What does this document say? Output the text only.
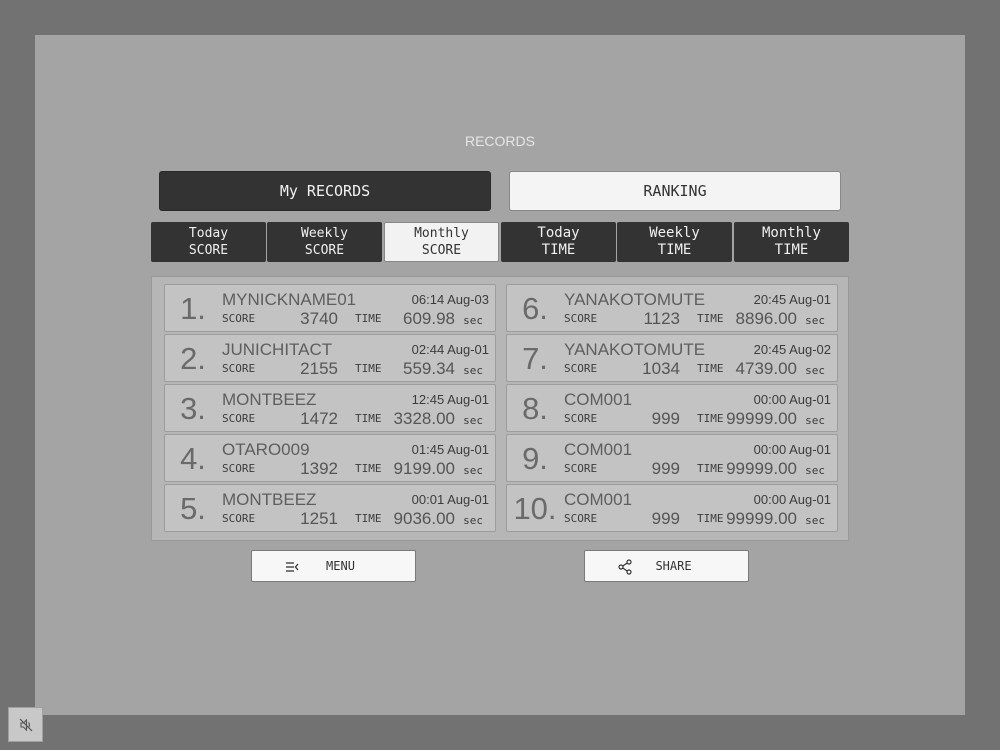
RECORDS
My RECORDS	RANKING
Today
SCORE
Weekly
SCORE
Monthly
SCORE
Today
TIME
Weekly
TIME
Monthly
TIME
1. MYNICKNAME01	06:14 Aug-03
SCORE	3740 TIME 609.98 sec
2. JUNICHITACT	02:44 Aug-01
SCORE	2155 TIME 559.34 sec
3. MONTBEEZ	12:45 Aug-01
SCORE	1472 TIME 3328.00 sec
4. OTARO009	01:45 Aug-01
SCORE	1392 TIME 9199.00 sec
5. MONTBEEZ	00:01 Aug-01
SCORE	1251 TIME 9036.00 sec
6. YANAKOTOMUTE	20:45 Aug-01
SCORE	1123 TIME 8896.00 sec
7. YANAKOTOMUTE	20:45 Aug-02
SCORE	1034 TIME 4739.00 sec
8. COM001	00:00 Aug-01
SCORE	999 TIME 99999.00 sec
9. COM001	00:00 Aug-01
SCORE	999 TIME 99999.00 sec
10. COM001	00:00 Aug-01
SCORE	999 TIME 99999.00 sec
MENU	SHARE
